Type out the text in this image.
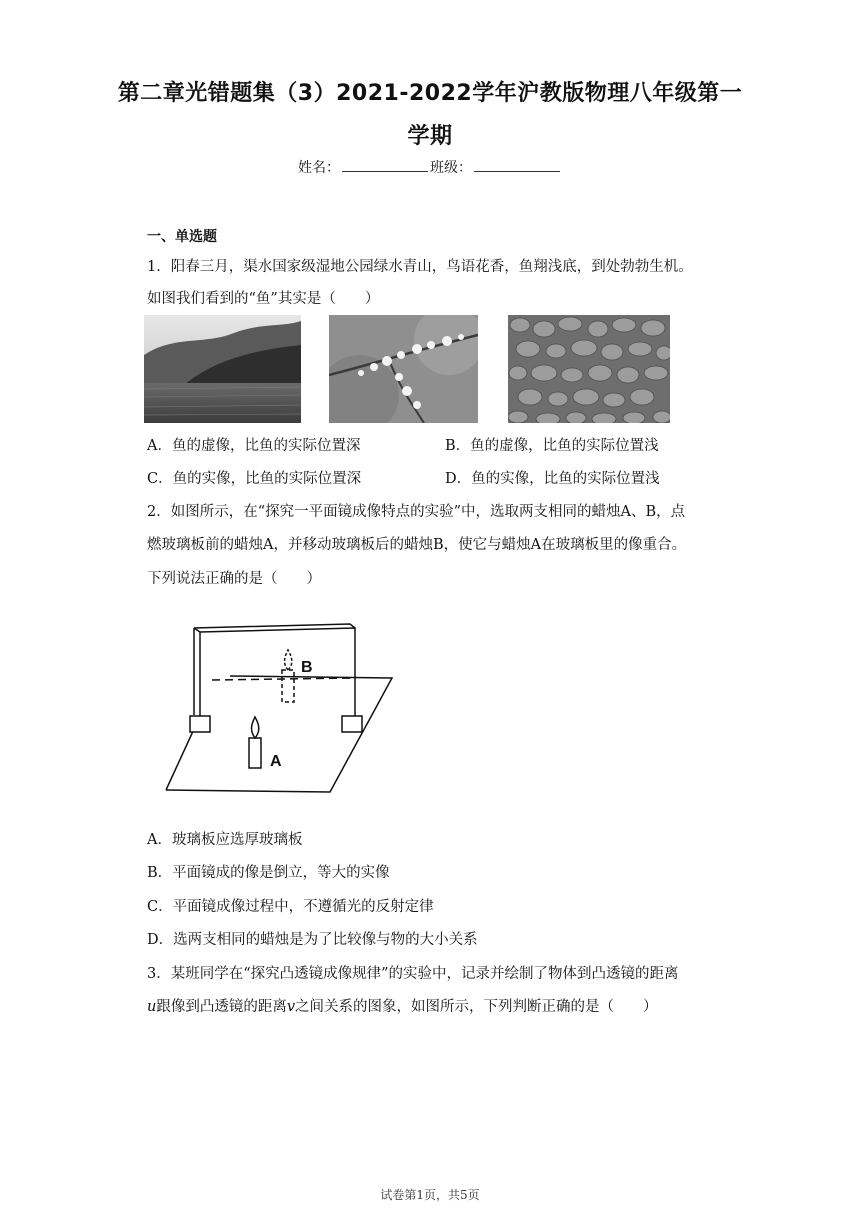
第二章光错题集（3）2021-2022学年沪教版物理八年级第一
学期
姓名：	班级：
一、单选题
1．阳春三月，渠水国家级湿地公园绿水青山，鸟语花香，鱼翔浅底，到处勃勃生机。
如图我们看到的“鱼”其实是（　　）
A．鱼的虚像，比鱼的实际位置深	B．鱼的虚像，比鱼的实际位置浅
C．鱼的实像，比鱼的实际位置深	D．鱼的实像，比鱼的实际位置浅
2．如图所示，在“探究一平面镜成像特点的实验”中，选取两支相同的蜡烛A、B，点
燃玻璃板前的蜡烛A，并移动玻璃板后的蜡烛B，使它与蜡烛A在玻璃板里的像重合。
下列说法正确的是（　　）
A
B
A．玻璃板应选厚玻璃板
B．平面镜成的像是倒立，等大的实像
C．平面镜成像过程中，不遵循光的反射定律
D．选两支相同的蜡烛是为了比较像与物的大小关系
3．某班同学在“探究凸透镜成像规律”的实验中，记录并绘制了物体到凸透镜的距离
u跟像到凸透镜的距离v之间关系的图象，如图所示，下列判断正确的是（　　）
试卷第1页，共5页
